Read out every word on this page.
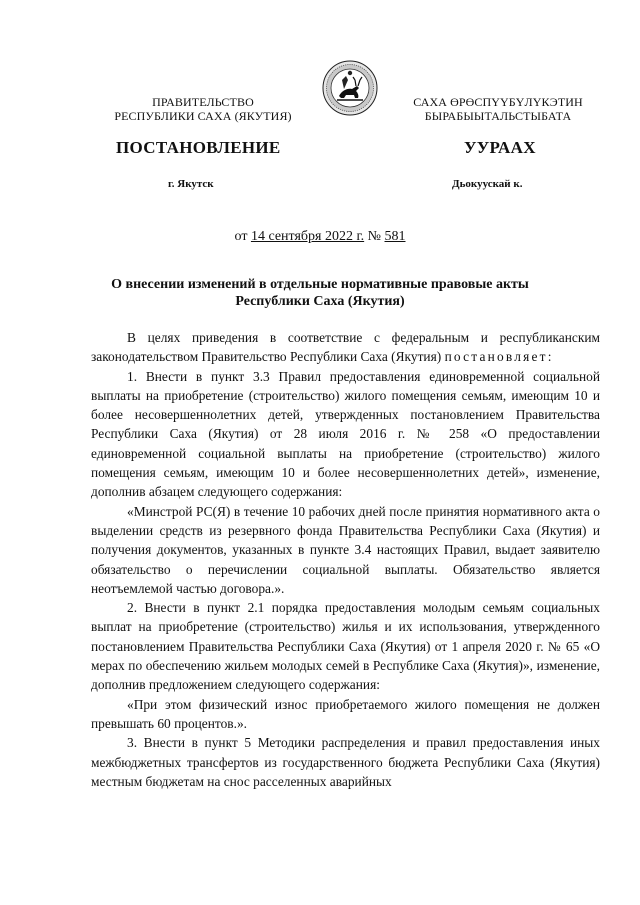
ПРАВИТЕЛЬСТВО
РЕСПУБЛИКИ САХА (ЯКУТИЯ)
САХА ӨРӨСПҮҮБҮЛҮКЭТИН
БЫРАБЫЫТАЛЬСТЫБАТА
ПОСТАНОВЛЕНИЕ	УУРААХ
г. Якутск	Дьокуускай к.
от 14 сентября 2022 г. № 581
О внесении изменений в отдельные нормативные правовые акты
Республики Саха (Якутия)

В целях приведения в соответствие с федеральным и республиканским законодательством Правительство Республики Саха (Якутия) постановляет:

1. Внести в пункт 3.3 Правил предоставления единовременной социальной выплаты на приобретение (строительство) жилого помещения семьям, имеющим 10 и более несовершеннолетних детей, утвержденных постановлением Правительства Республики Саха (Якутия) от 28 июля 2016 г. № 258 «О предоставлении единовременной социальной выплаты на приобретение (строительство) жилого помещения семьям, имеющим 10 и более несовершеннолетних детей», изменение, дополнив абзацем следующего содержания:

«Минстрой РС(Я) в течение 10 рабочих дней после принятия нормативного акта о выделении средств из резервного фонда Правительства Республики Саха (Якутия) и получения документов, указанных в пункте 3.4 настоящих Правил, выдает заявителю обязательство о перечислении социальной выплаты. Обязательство является неотъемлемой частью договора.».

2. Внести в пункт 2.1 порядка предоставления молодым семьям социальных выплат на приобретение (строительство) жилья и их использования, утвержденного постановлением Правительства Республики Саха (Якутия) от 1 апреля 2020 г. № 65 «О мерах по обеспечению жильем молодых семей в Республике Саха (Якутия)», изменение, дополнив предложением следующего содержания:

«При этом физический износ приобретаемого жилого помещения не должен превышать 60 процентов.».

3. Внести в пункт 5 Методики распределения и правил предоставления иных межбюджетных трансфертов из государственного бюджета Республики Саха (Якутия) местным бюджетам на снос расселенных аварийных
